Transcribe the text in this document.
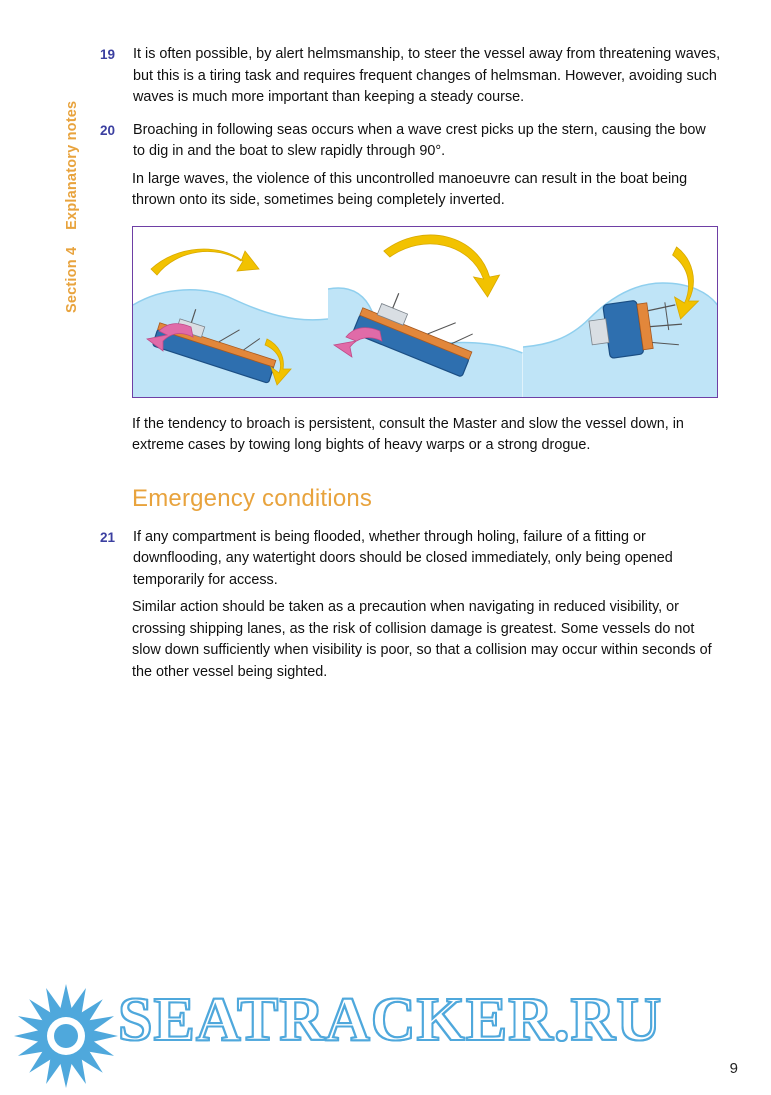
Section 4    Explanatory notes
19	It is often possible, by alert helmsmanship, to steer the vessel away from threatening waves, but this is a tiring task and requires frequent changes of helmsman. However, avoiding such waves is much more important than keeping a steady course.

20	Broaching in following seas occurs when a wave crest picks up the stern, causing the bow to dig in and the boat to slew rapidly through 90°.

In large waves, the violence of this uncontrolled manoeuvre can result in the boat being thrown onto its side, sometimes being completely inverted.

If the tendency to broach is persistent, consult the Master and slow the vessel down, in extreme cases by towing long bights of heavy warps or a strong drogue.

Emergency conditions
21	If any compartment is being flooded, whether through holing, failure of a fitting or downflooding, any watertight doors should be closed immediately, only being opened temporarily for access.

Similar action should be taken as a precaution when navigating in reduced visibility, or crossing shipping lanes, as the risk of collision damage is greatest. Some vessels do not slow down sufficiently when visibility is poor, so that a collision may occur within seconds of the other vessel being sighted.

SEATRACKER.RU
9
